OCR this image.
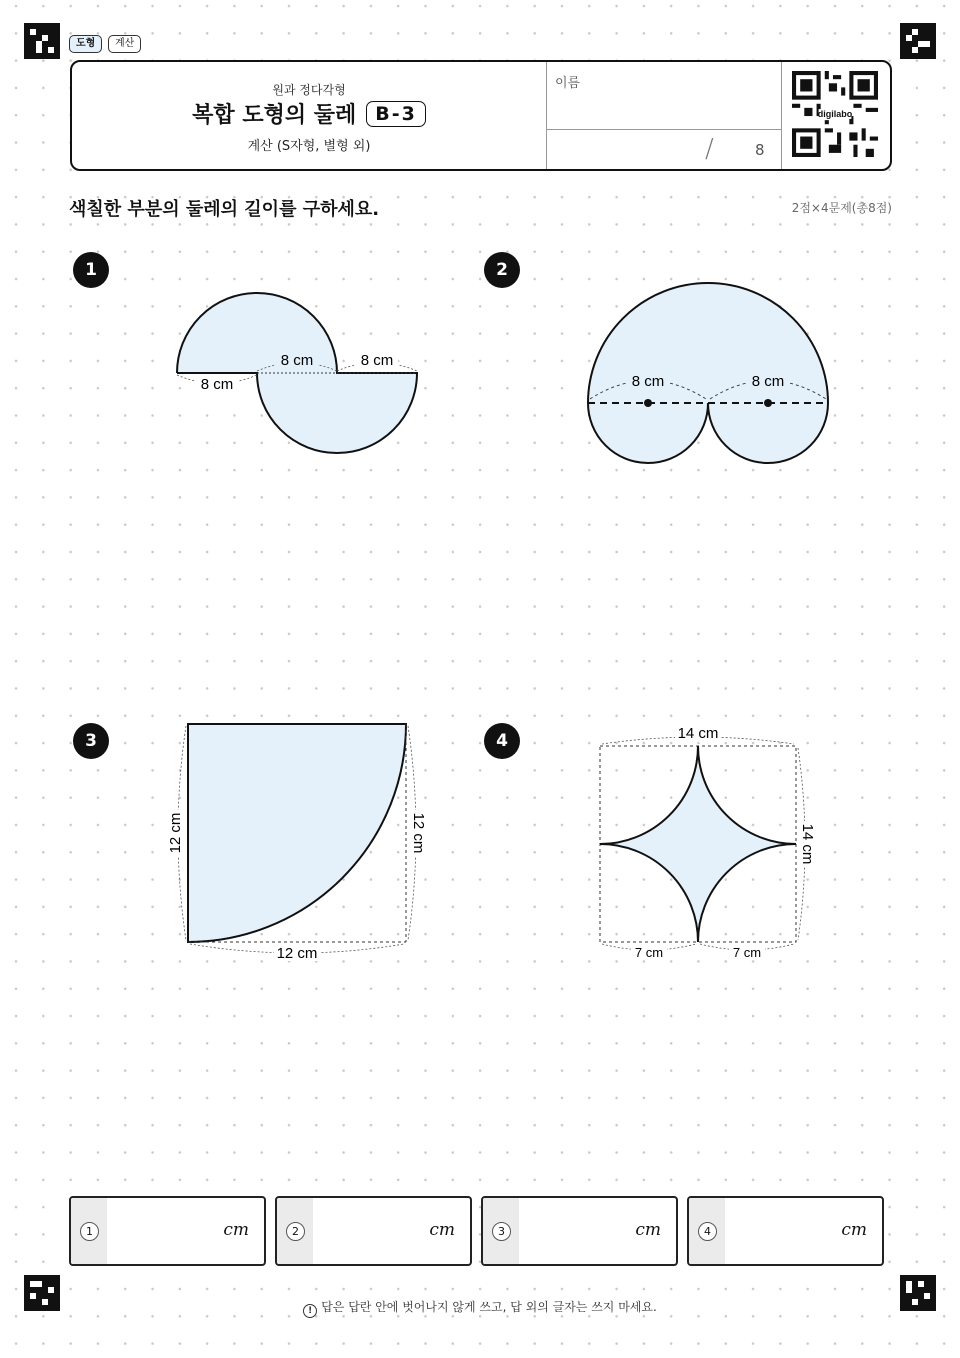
도형	계산
원과 정다각형
복합 도형의 둘레	B-3
계산 (S자형, 별형 외)
이름
/	8
digilabo
색칠한 부분의 둘레의 길이를 구하세요.	2점×4문제(총8점)
1	2
3	4
8 cm
8 cm	8 cm
8 cm	8 cm
12 cm	12 cm
12 cm
14 cm
14 cm
7 cm	7 cm
1	cm	2	cm	3	cm	4	cm
! 답은 답란 안에 벗어나지 않게 쓰고, 답 외의 글자는 쓰지 마세요.
